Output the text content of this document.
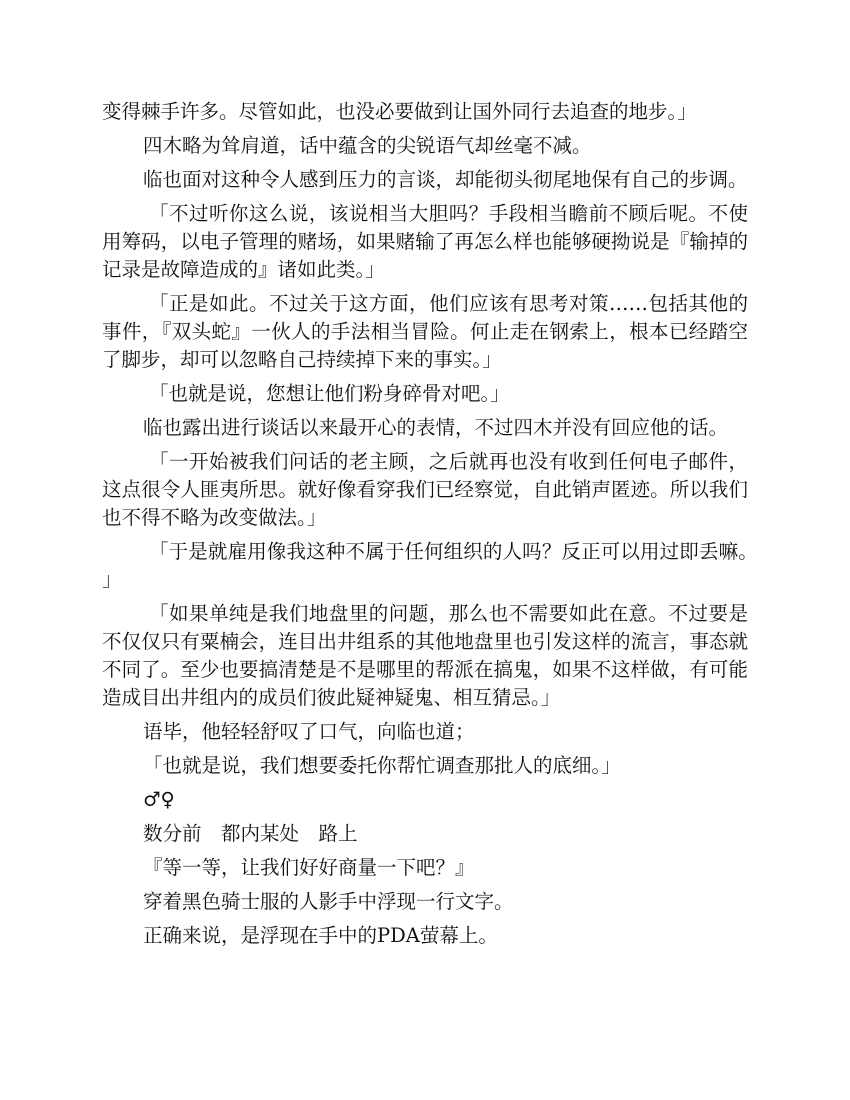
变得棘手许多。尽管如此，也没必要做到让国外同行去追查的地步。」

四木略为耸肩道，话中蕴含的尖锐语气却丝毫不减。

临也面对这种令人感到压力的言谈，却能彻头彻尾地保有自己的步调。

「不过听你这么说，该说相当大胆吗？手段相当瞻前不顾后呢。不使用筹码，以电子管理的赌场，如果赌输了再怎么样也能够硬拗说是『输掉的记录是故障造成的』诸如此类。」

「正是如此。不过关于这方面，他们应该有思考对策……包括其他的事件，『双头蛇』一伙人的手法相当冒险。何止走在钢索上，根本已经踏空了脚步，却可以忽略自己持续掉下来的事实。」

「也就是说，您想让他们粉身碎骨对吧。」

临也露出进行谈话以来最开心的表情，不过四木并没有回应他的话。

「一开始被我们问话的老主顾，之后就再也没有收到任何电子邮件，这点很令人匪夷所思。就好像看穿我们已经察觉，自此销声匿迹。所以我们也不得不略为改变做法。」

「于是就雇用像我这种不属于任何组织的人吗？反正可以用过即丢嘛。」

「如果单纯是我们地盘里的问题，那么也不需要如此在意。不过要是不仅仅只有粟楠会，连目出井组系的其他地盘里也引发这样的流言，事态就不同了。至少也要搞清楚是不是哪里的帮派在搞鬼，如果不这样做，有可能造成目出井组内的成员们彼此疑神疑鬼、相互猜忌。」

语毕，他轻轻舒叹了口气，向临也道；

「也就是说，我们想要委托你帮忙调查那批人的底细。」

♂♀

数分前　都内某处　路上

『等一等，让我们好好商量一下吧？』

穿着黑色骑士服的人影手中浮现一行文字。

正确来说，是浮现在手中的PDA萤幕上。
